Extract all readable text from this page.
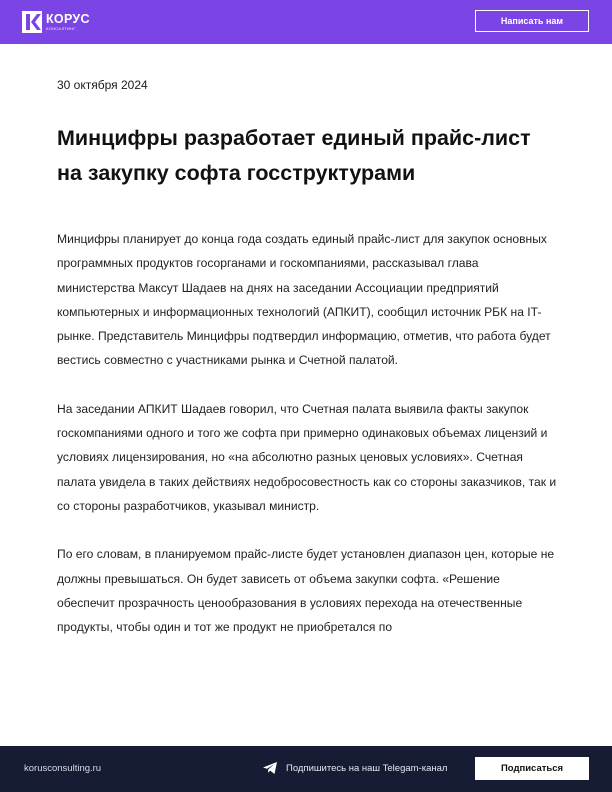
КОРУС
КОНСАЛТИНГ
Написать нам
30 октября 2024
Минцифры разработает единый прайс-лист на закупку софта госструктурами

Минцифры планирует до конца года создать единый прайс-лист для закупок основных программных продуктов госорганами и госкомпаниями, рассказывал глава министерства Максут Шадаев на днях на заседании Ассоциации предприятий компьютерных и информационных технологий (АПКИТ), сообщил источник РБК на IT-рынке. Представитель Минцифры подтвердил информацию, отметив, что работа будет вестись совместно с участниками рынка и Счетной палатой.

На заседании АПКИТ Шадаев говорил, что Счетная палата выявила факты закупок госкомпаниями одного и того же софта при примерно одинаковых объемах лицензий и условиях лицензирования, но «на абсолютно разных ценовых условиях». Счетная палата увидела в таких действиях недобросовестность как со стороны заказчиков, так и со стороны разработчиков, указывал министр.

По его словам, в планируемом прайс-листе будет установлен диапазон цен, которые не должны превышаться. Он будет зависеть от объема закупки софта. «Решение обеспечит прозрачность ценообразования в условиях перехода на отечественные продукты, чтобы один и тот же продукт не приобретался по

korusconsulting.ru	Подпишитесь на наш Telegam-канал	Подписаться
